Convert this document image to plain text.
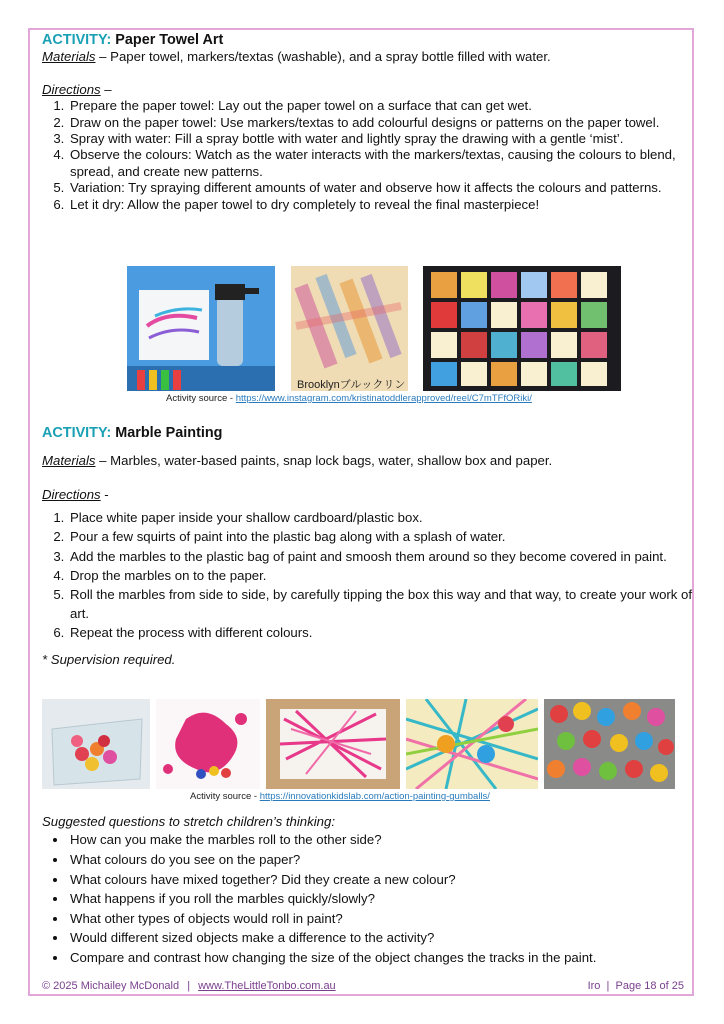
ACTIVITY: Paper Towel Art

Materials – Paper towel, markers/textas (washable), and a spray bottle filled with water.

Directions –

1. Prepare the paper towel: Lay out the paper towel on a surface that can get wet.
2. Draw on the paper towel: Use markers/textas to add colourful designs or patterns on the paper towel.
3. Spray with water: Fill a spray bottle with water and lightly spray the drawing with a gentle ‘mist’.
4. Observe the colours: Watch as the water interacts with the markers/textas, causing the colours to blend, spread, and create new patterns.
5. Variation: Try spraying different amounts of water and observe how it affects the colours and patterns.
6. Let it dry: Allow the paper towel to dry completely to reveal the final masterpiece!
Brooklynブルックリン
Activity source - https://www.instagram.com/kristinatoddlerapproved/reel/C7mTFfORiki/

ACTIVITY: Marble Painting

Materials – Marbles, water-based paints, snap lock bags, water, shallow box and paper.

Directions -

1. Place white paper inside your shallow cardboard/plastic box.
2. Pour a few squirts of paint into the plastic bag along with a splash of water.
3. Add the marbles to the plastic bag of paint and smoosh them around so they become covered in paint.
4. Drop the marbles on to the paper.
5. Roll the marbles from side to side, by carefully tipping the box this way and that way, to create your work of art.
6. Repeat the process with different colours.

* Supervision required.

Activity source - https://innovationkidslab.com/action-painting-gumballs/

Suggested questions to stretch children’s thinking:

• How can you make the marbles roll to the other side?
• What colours do you see on the paper?
• What colours have mixed together? Did they create a new colour?
• What happens if you roll the marbles quickly/slowly?
• What other types of objects would roll in paint?
• Would different sized objects make a difference to the activity?
• Compare and contrast how changing the size of the object changes the tracks in the paint.
© 2025 Michailey McDonald | www.TheLittleTonbo.com.au	Iro  |  Page 18 of 25
